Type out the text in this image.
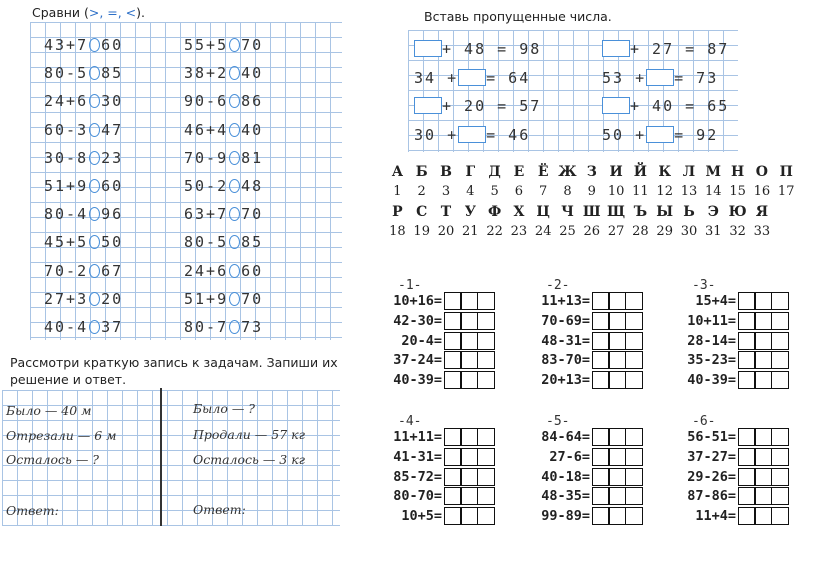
Сравни (>, =, <).
43+7 60
80-5 85
24+6 30
60-3 47
30-8 23
51+9 60
80-4 96
45+5 50
70-2 67
27+3 20
40-4 37
55+5 70
38+2 40
90-6 86
46+4 40
70-9 81
50-2 48
63+7 70
80-5 85
24+6 60
51+9 70
80-7 73
Вставь пропущенные числа.
+ 48 = 98	+ 27 = 87
34 + = 64	53 + = 73
+ 20 = 57	+ 40 = 65
30 + = 46	50 + = 92
А Б В Г Д Е Ё Ж З И Й К Л М Н О П
1	2	3	4	5	6	7	8	9 10 11 12 13 14 15 16 17
Р С Т У Ф Х Ц Ч Ш Щ Ъ Ы Ь Э Ю Я
18 19 20 21 22 23 24 25 26 27 28 29 30 31 32 33
Рассмотри краткую запись к задачам. Запиши их
решение и ответ.
Было — 40 м
Отрезали — 6 м
Осталось — ?
Ответ:
Было — ?
Продали — 57 кг
Осталось — 3 кг
Ответ:
-1-
10+16=
42-30=
20-4=
37-24=
40-39=
-2-
11+13=
70-69=
48-31=
83-70=
20+13=
-3-
15+4=
10+11=
28-14=
35-23=
40-39=
-4-
11+11=
41-31=
85-72=
80-70=
10+5=
-5-
84-64=
27-6=
40-18=
48-35=
99-89=
-6-
56-51=
37-27=
29-26=
87-86=
11+4=
